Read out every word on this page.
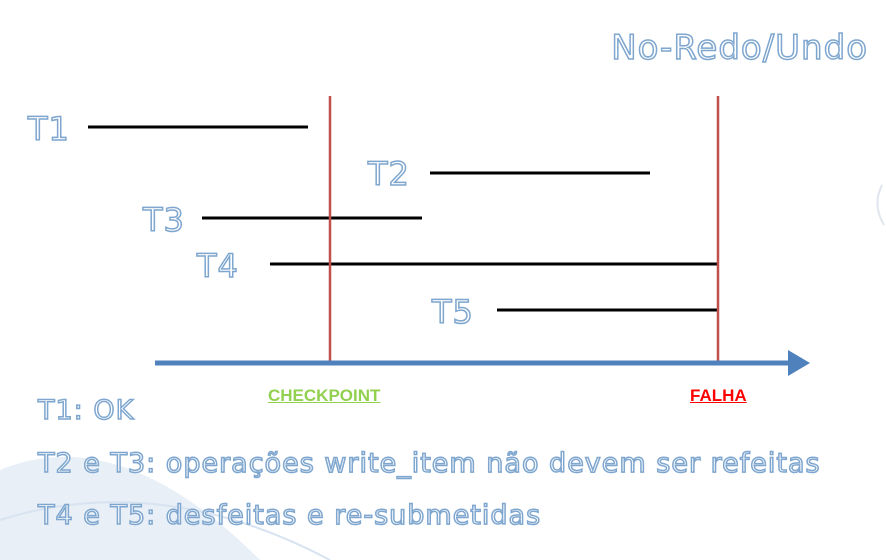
No-Redo/Undo
T1
T2
T3
T4
T5
CHECKPOINT	FALHA
T1: OK
T2 e T3: operações write_item não devem ser refeitas
T4 e T5: desfeitas e re-submetidas
